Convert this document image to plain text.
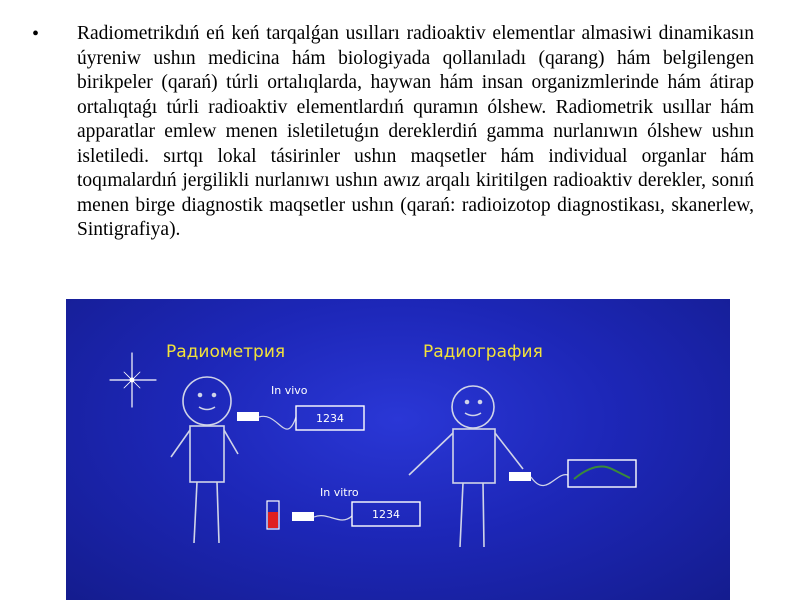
•	Radiometrikdıń eń keń tarqalǵan usılları radioaktiv elementlar almasiwi dinamikasın úyreniw ushın medicina hám biologiyada qollanıladı (qarang) hám belgilengen birikpeler (qarań) túrli ortalıqlarda, haywan hám insan organizmlerinde hám átirap ortalıqtaǵı túrli radioaktiv elementlardıń quramın ólshew. Radiometrik usıllar hám apparatlar emlew menen isletiletuǵın dereklerdiń gamma nurlanıwın ólshew ushın isletiledi. sırtqı lokal tásirinler ushın maqsetler hám individual organlar hám toqımalardıń jergilikli nurlanıwı ushın awız arqalı kiritilgen radioaktiv derekler, sonıń menen birge diagnostik maqsetler ushın (qarań: radioizotop diagnostikası, skanerlew, Sintigrafiya).
Радиометрия	Радиография
In vivo
1234
In vitro
1234
